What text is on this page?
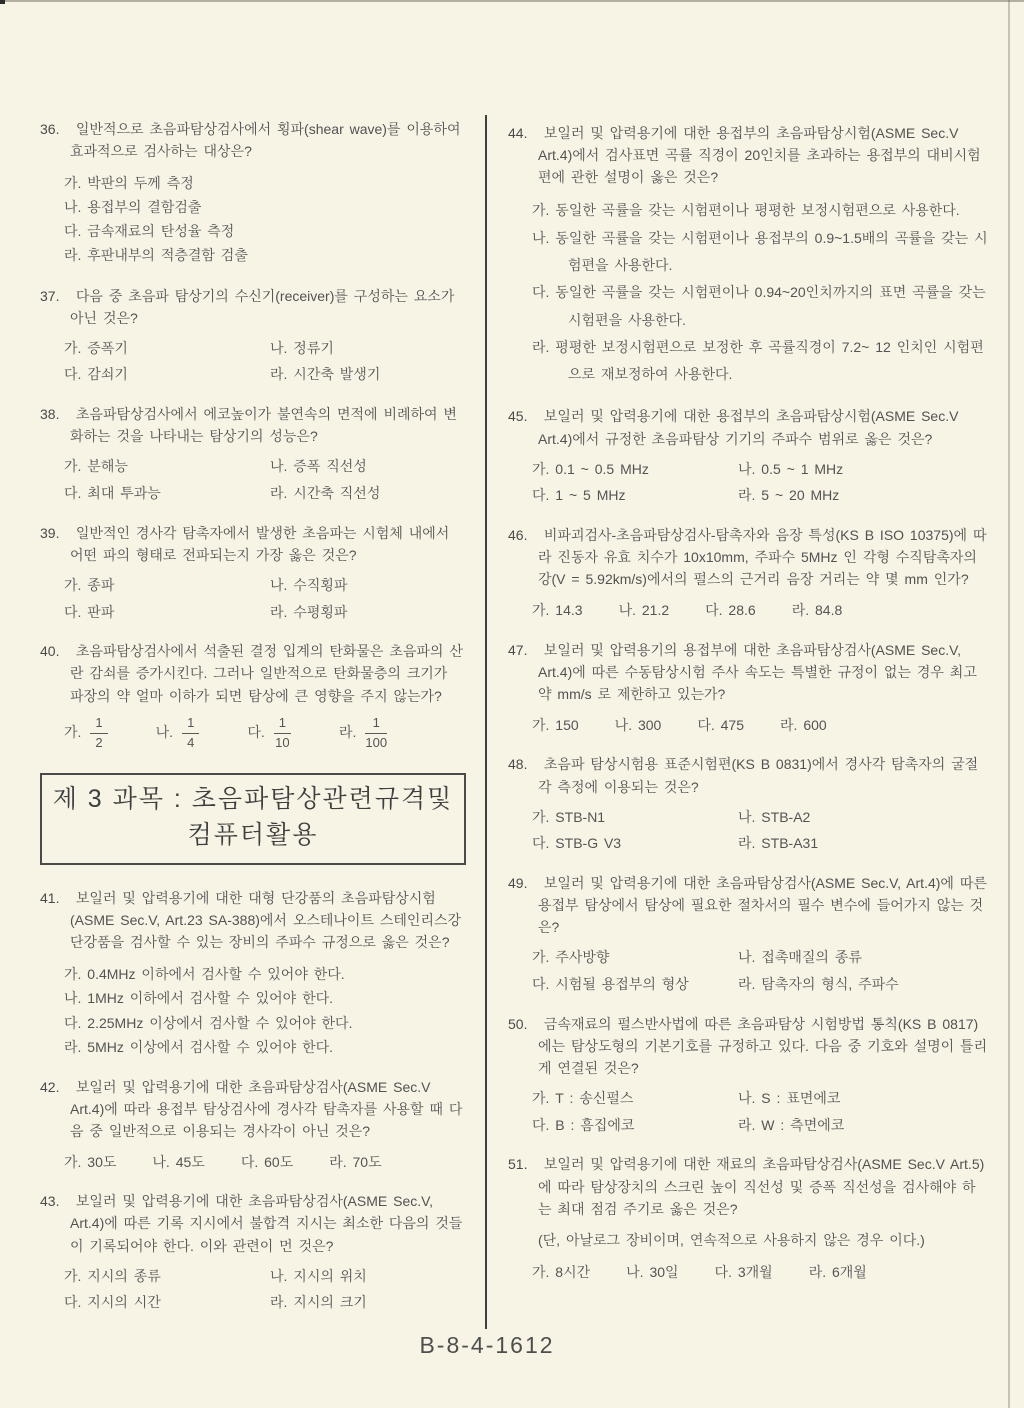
36. 일반적으로 초음파탐상검사에서 횡파(shear wave)를 이용하여 효과적으로 검사하는 대상은?

가. 박판의 두께 측정
나. 용접부의 결함검출
다. 금속재료의 탄성율 측정
라. 후판내부의 적층결함 검출

37. 다음 중 초음파 탐상기의 수신기(receiver)를 구성하는 요소가 아닌 것은?

가. 증폭기	나. 정류기
다. 감쇠기	라. 시간축 발생기

38. 초음파탐상검사에서 에코높이가 불연속의 면적에 비례하여 변화하는 것을 나타내는 탐상기의 성능은?

가. 분해능	나. 증폭 직선성
다. 최대 투과능	라. 시간축 직선성

39. 일반적인 경사각 탐촉자에서 발생한 초음파는 시험체 내에서 어떤 파의 형태로 전파되는지 가장 옳은 것은?

가. 종파	나. 수직횡파
다. 판파	라. 수평횡파

40. 초음파탐상검사에서 석출된 결정 입계의 탄화물은 초음파의 산란 감쇠를 증가시킨다. 그러나 일반적으로 탄화물층의 크기가 파장의 약 얼마 이하가 되면 탐상에 큰 영향을 주지 않는가?

가. $\frac{1}{2}$	나. $\frac{1}{4}$	다. $\frac{1}{10}$	라. $\frac{1}{100}$
제 3 과목 : 초음파탐상관련규격및
컴퓨터활용

41. 보일러 및 압력용기에 대한 대형 단강품의 초음파탐상시험(ASME Sec.V, Art.23 SA-388)에서 오스테나이트 스테인리스강 단강품을 검사할 수 있는 장비의 주파수 규정으로 옳은 것은?

가. 0.4MHz 이하에서 검사할 수 있어야 한다.
나. 1MHz 이하에서 검사할 수 있어야 한다.
다. 2.25MHz 이상에서 검사할 수 있어야 한다.
라. 5MHz 이상에서 검사할 수 있어야 한다.

42. 보일러 및 압력용기에 대한 초음파탐상검사(ASME Sec.V Art.4)에 따라 용접부 탐상검사에 경사각 탐촉자를 사용할 때 다음 중 일반적으로 이용되는 경사각이 아닌 것은?

가. 30도	나. 45도	다. 60도	라. 70도

43. 보일러 및 압력용기에 대한 초음파탐상검사(ASME Sec.V, Art.4)에 따른 기록 지시에서 불합격 지시는 최소한 다음의 것들이 기록되어야 한다. 이와 관련이 먼 것은?

가. 지시의 종류	나. 지시의 위치
다. 지시의 시간	라. 지시의 크기

44. 보일러 및 압력용기에 대한 용접부의 초음파탐상시험(ASME Sec.V Art.4)에서 검사표면 곡률 직경이 20인치를 초과하는 용접부의 대비시험편에 관한 설명이 옳은 것은?

가. 동일한 곡률을 갖는 시험편이나 평평한 보정시험편으로 사용한다.
나. 동일한 곡률을 갖는 시험편이나 용접부의 0.9~1.5배의 곡률을 갖는 시험편을 사용한다.
다. 동일한 곡률을 갖는 시험편이나 0.94~20인치까지의 표면 곡률을 갖는 시험편을 사용한다.
라. 평평한 보정시험편으로 보정한 후 곡률직경이 7.2~ 12 인치인 시험편으로 재보정하여 사용한다.

45. 보일러 및 압력용기에 대한 용접부의 초음파탐상시험(ASME Sec.V Art.4)에서 규정한 초음파탐상 기기의 주파수 범위로 옳은 것은?

가. 0.1 ~ 0.5 MHz	나. 0.5 ~ 1 MHz
다. 1 ~ 5 MHz	라. 5 ~ 20 MHz

46. 비파괴검사-초음파탐상검사-탐촉자와 음장 특성(KS B ISO 10375)에 따라 진동자 유효 치수가 10x10mm, 주파수 5MHz 인 각형 수직탐촉자의 강(V = 5.92km/s)에서의 펄스의 근거리 음장 거리는 약 몇 mm 인가?

가. 14.3	나. 21.2	다. 28.6	라. 84.8

47. 보일러 및 압력용기의 용접부에 대한 초음파탐상검사(ASME Sec.V, Art.4)에 따른 수동탐상시험 주사 속도는 특별한 규정이 없는 경우 최고 약 mm/s 로 제한하고 있는가?

가. 150	나. 300	다. 475	라. 600

48. 초음파 탐상시험용 표준시험편(KS B 0831)에서 경사각 탐촉자의 굴절각 측정에 이용되는 것은?

가. STB-N1	나. STB-A2
다. STB-G V3	라. STB-A31

49. 보일러 및 압력용기에 대한 초음파탐상검사(ASME Sec.V, Art.4)에 따른 용접부 탐상에서 탐상에 필요한 절차서의 필수 변수에 들어가지 않는 것은?

가. 주사방향	나. 접촉매질의 종류
다. 시험될 용접부의 형상	라. 탐촉자의 형식, 주파수

50. 금속재료의 펄스반사법에 따른 초음파탐상 시험방법 통칙(KS B 0817)에는 탐상도형의 기본기호를 규정하고 있다. 다음 중 기호와 설명이 틀리게 연결된 것은?

가. T : 송신펄스	나. S : 표면에코
다. B : 흠집에코	라. W : 측면에코

51. 보일러 및 압력용기에 대한 재료의 초음파탐상검사(ASME Sec.V Art.5)에 따라 탐상장치의 스크린 높이 직선성 및 증폭 직선성을 검사해야 하는 최대 점검 주기로 옳은 것은?

(단, 아날로그 장비이며, 연속적으로 사용하지 않은 경우 이다.)

가. 8시간	나. 30일	다. 3개월	라. 6개월
B-8-4-1612
